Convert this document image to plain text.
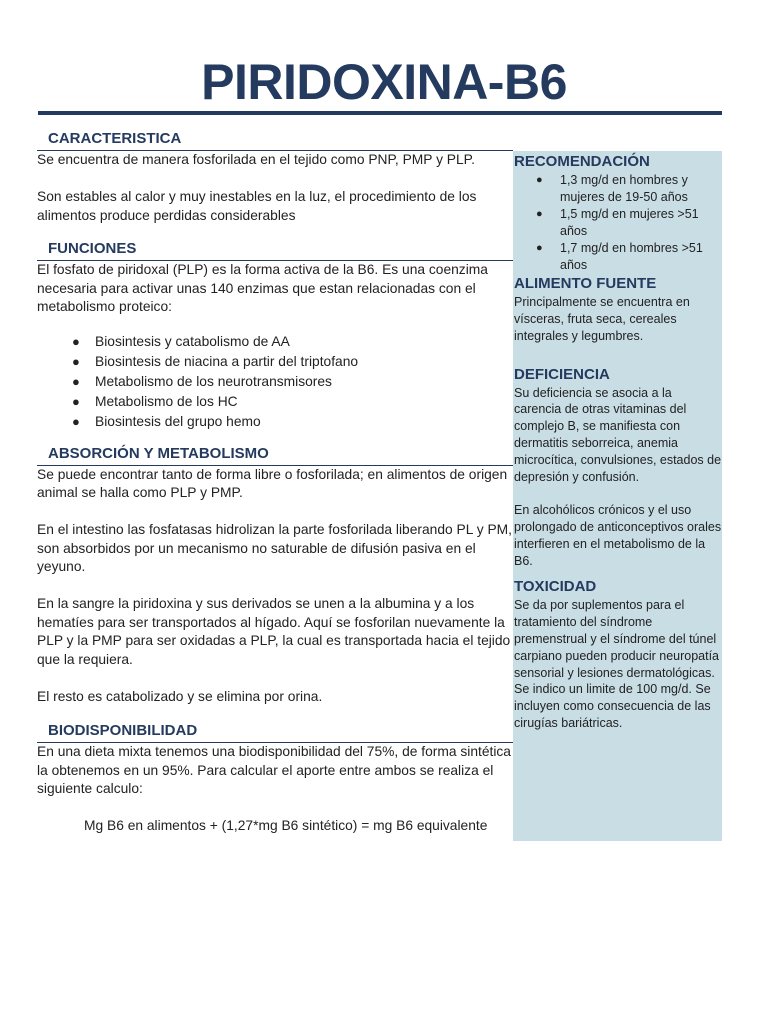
PIRIDOXINA-B6
CARACTERISTICA

Se encuentra de manera fosforilada en el tejido como PNP, PMP y PLP.

Son estables al calor y muy inestables en la luz, el procedimiento de los alimentos produce perdidas considerables

FUNCIONES

El fosfato de piridoxal (PLP) es la forma activa de la B6. Es una coenzima necesaria para activar unas 140 enzimas que estan relacionadas con el metabolismo proteico:

● Biosintesis y catabolismo de AA
● Biosintesis de niacina a partir del triptofano
● Metabolismo de los neurotransmisores
● Metabolismo de los HC
● Biosintesis del grupo hemo
ABSORCIÓN Y METABOLISMO

Se puede encontrar tanto de forma libre o fosforilada; en alimentos de origen animal se halla como PLP y PMP.

En el intestino las fosfatasas hidrolizan la parte fosforilada liberando PL y PM, son absorbidos por un mecanismo no saturable de difusión pasiva en el yeyuno.

En la sangre la piridoxina y sus derivados se unen a la albumina y a los hematíes para ser transportados al hígado. Aquí se fosforilan nuevamente la PLP y la PMP para ser oxidadas a PLP, la cual es transportada hacia el tejido que la requiera.

El resto es catabolizado y se elimina por orina.

BIODISPONIBILIDAD

En una dieta mixta tenemos una biodisponibilidad del 75%, de forma sintética la obtenemos en un 95%. Para calcular el aporte entre ambos se realiza el siguiente calculo:

Mg B6 en alimentos + (1,27*mg B6 sintético) = mg B6 equivalente

RECOMENDACIÓN
● 1,3 mg/d en hombres y mujeres de 19-50 años
● 1,5 mg/d en mujeres >51 años
● 1,7 mg/d en hombres >51 años
ALIMENTO FUENTE

Principalmente se encuentra en vísceras, fruta seca, cereales integrales y legumbres.

DEFICIENCIA

Su deficiencia se asocia a la carencia de otras vitaminas del complejo B, se manifiesta con dermatitis seborreica, anemia microcítica, convulsiones, estados de depresión y confusión.

En alcohólicos crónicos y el uso prolongado de anticonceptivos orales interfieren en el metabolismo de la B6.

TOXICIDAD

Se da por suplementos para el tratamiento del síndrome premenstrual y el síndrome del túnel carpiano pueden producir neuropatía sensorial y lesiones dermatológicas. Se indico un limite de 100 mg/d. Se incluyen como consecuencia de las cirugías bariátricas.
